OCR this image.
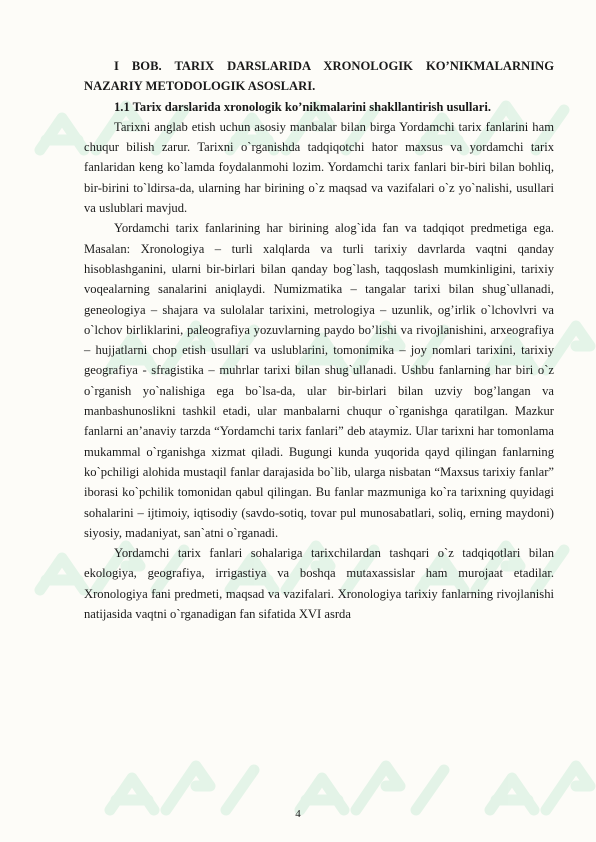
I BOB. TARIX DARSLARIDA XRONOLOGIK KO’NIKMALARNING NAZARIY METODOLOGIK ASOSLARI.

1.1 Tarix darslarida xronologik ko’nikmalarini shakllantirish usullari.

Tarixni anglab etish uchun asosiy manbalar bilan birga Yordamchi tarix fanlarini ham chuqur bilish zarur. Tarixni o`rganishda tadqiqotchi hator maxsus va yordamchi tarix fanlaridan keng ko`lamda foydalanmohi lozim. Yordamchi tarix fanlari bir-biri bilan bohliq, bir-birini to`ldirsa-da, ularning har birining o`z maqsad va vazifalari o`z yo`nalishi, usullari va uslublari mavjud.

Yordamchi tarix fanlarining har birining alog`ida fan va tadqiqot predmetiga ega. Masalan: Xronologiya – turli xalqlarda va turli tarixiy davrlarda vaqtni qanday hisoblashganini, ularni bir-birlari bilan qanday bog`lash, taqqoslash mumkinligini, tarixiy voqealarning sanalarini aniqlaydi. Numizmatika – tangalar tarixi bilan shug`ullanadi, geneologiya – shajara va sulolalar tarixini, metrologiya – uzunlik, og’irlik o`lchovlvri va o`lchov birliklarini, paleografiya yozuvlarning paydo bo’lishi va rivojlanishini, arxeografiya – hujjatlarni chop etish usullari va uslublarini, tomonimika – joy nomlari tarixini, tarixiy geografiya - sfragistika – muhrlar tarixi bilan shug`ullanadi. Ushbu fanlarning har biri o`z o`rganish yo`nalishiga ega bo`lsa-da, ular bir-birlari bilan uzviy bog’langan va manbashunoslikni tashkil etadi, ular manbalarni chuqur o`rganishga qaratilgan. Mazkur fanlarni an’anaviy tarzda “Yordamchi tarix fanlari” deb ataymiz. Ular tarixni har tomonlama mukammal o`rganishga xizmat qiladi. Bugungi kunda yuqorida qayd qilingan fanlarning ko`pchiligi alohida mustaqil fanlar darajasida bo`lib, ularga nisbatan “Maxsus tarixiy fanlar” iborasi ko`pchilik tomonidan qabul qilingan. Bu fanlar mazmuniga ko`ra tarixning quyidagi sohalarini – ijtimoiy, iqtisodiy (savdo-sotiq, tovar pul munosabatlari, soliq, erning maydoni) siyosiy, madaniyat, san`atni o`rganadi.

Yordamchi tarix fanlari sohalariga tarixchilardan tashqari o`z tadqiqotlari bilan ekologiya, geografiya, irrigastiya va boshqa mutaxassislar ham murojaat etadilar. Xronologiya fani predmeti, maqsad va vazifalari. Xronologiya tarixiy fanlarning rivojlanishi natijasida vaqtni o`rganadigan fan sifatida XVI asrda

4
